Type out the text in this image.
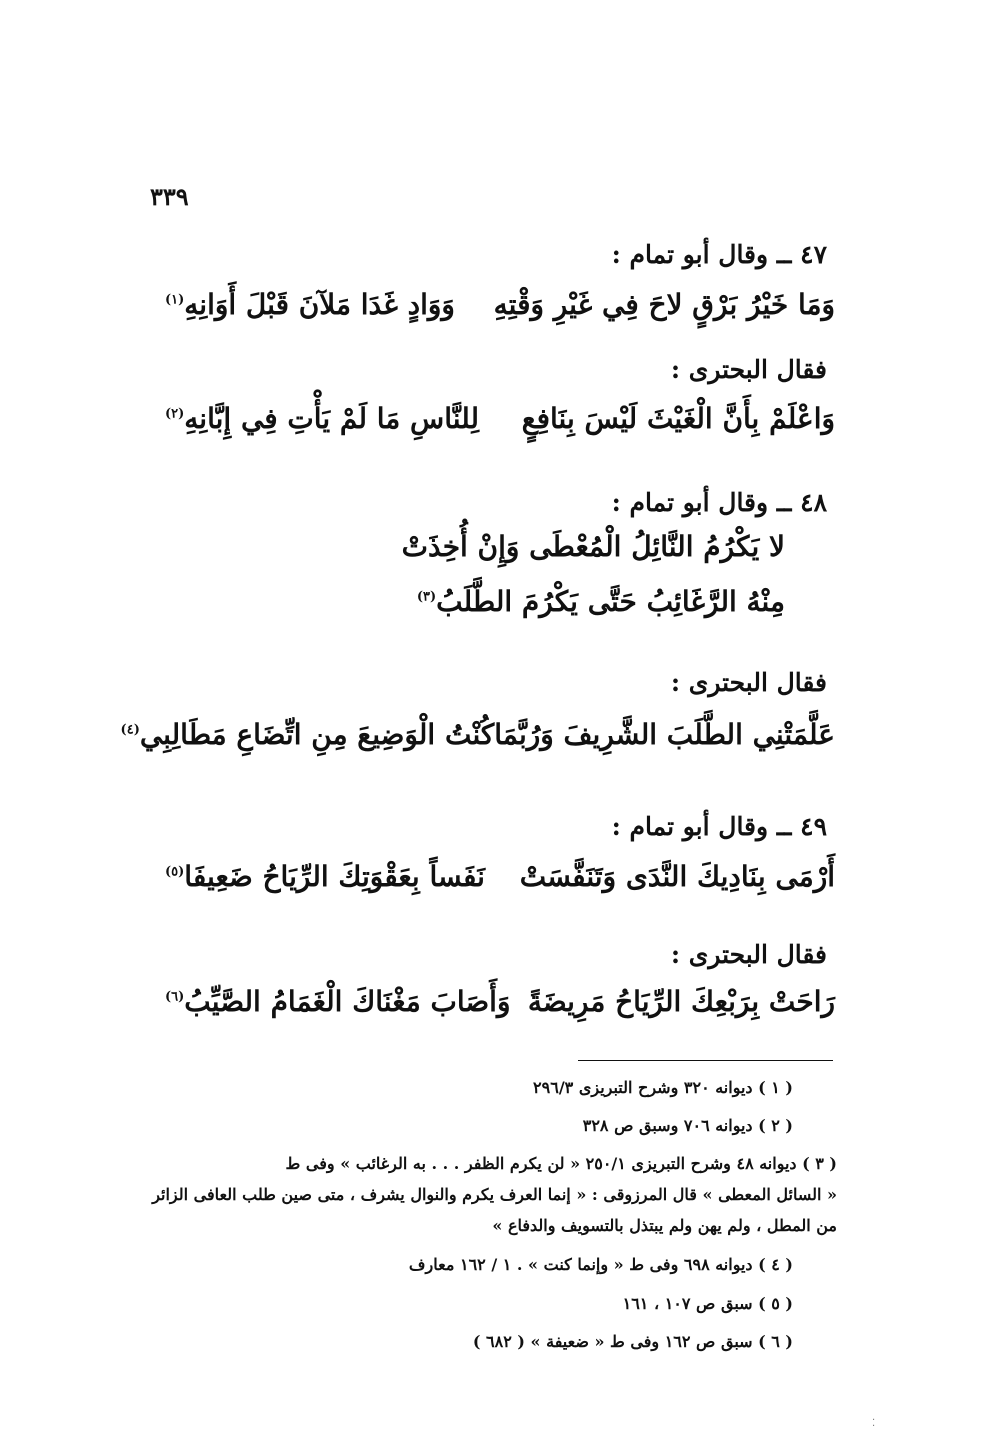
٣٣٩
٤٧ ــ وقال أبو تمام :
وَمَا خَيْرُ بَرْقٍ لاحَ فِي غَيْرِ وَقْتِهِ
وَوَادٍ غَدَا مَلآنَ قَبْلَ أَوَانِهِ$^{(١)}$
فقال البحترى :
وَاعْلَمْ بِأَنَّ الْغَيْثَ لَيْسَ بِنَافِعٍ
لِلنَّاسِ مَا لَمْ يَأْتِ فِي إِبَّانِهِ$^{(٢)}$
٤٨ ــ وقال أبو تمام :
لا يَكْرُمُ النَّائِلُ الْمُعْطَى وَإِنْ أُخِذَتْ
مِنْهُ الرَّغَائِبُ حَتَّى يَكْرُمَ الطَّلَبُ$^{(٣)}$
فقال البحترى :
عَلَّمَتْنِي الطَّلَبَ الشَّرِيفَ وَرُبَّمَا
كُنْتُ الْوَضِيعَ مِنِ اتِّضَاعِ مَطَالِبِي$^{(٤)}$
٤٩ ــ وقال أبو تمام :
أَرْمَى بِنَادِيكَ النَّدَى وَتَنَفَّسَتْ
نَفَساً بِعَقْوَتِكَ الرِّيَاحُ ضَعِيفَا$^{(٥)}$
فقال البحترى :
رَاحَتْ بِرَبْعِكَ الرِّيَاحُ مَرِيضَةً
وَأَصَابَ مَغْنَاكَ الْغَمَامُ الصَّيِّبُ$^{(٦)}$
( ١ ) ديوانه ٣٢٠ وشرح التبريزى ٢٩٦/٣
( ٢ ) ديوانه ٧٠٦ وسبق ص ٣٢٨
( ٣ ) ديوانه ٤٨ وشرح التبريزى ٢٥٠/١ « لن يكرم الظفر . . . به الرغائب » وفى ط
« السائل المعطى » قال المرزوقى : « إنما العرف يكرم والنوال يشرف ، متى صين طلب العافى الزائر
من المطل ، ولم يهن ولم يبتذل بالتسويف والدفاع »
( ٤ ) ديوانه ٦٩٨ وفى ط « وإنما كنت » . ١ / ١٦٢ معارف
( ٥ ) سبق ص ١٠٧ ، ١٦١
( ٦ ) سبق ص ١٦٢ وفى ط « ضعيفة » ( ٦٨٢ )
⁚
